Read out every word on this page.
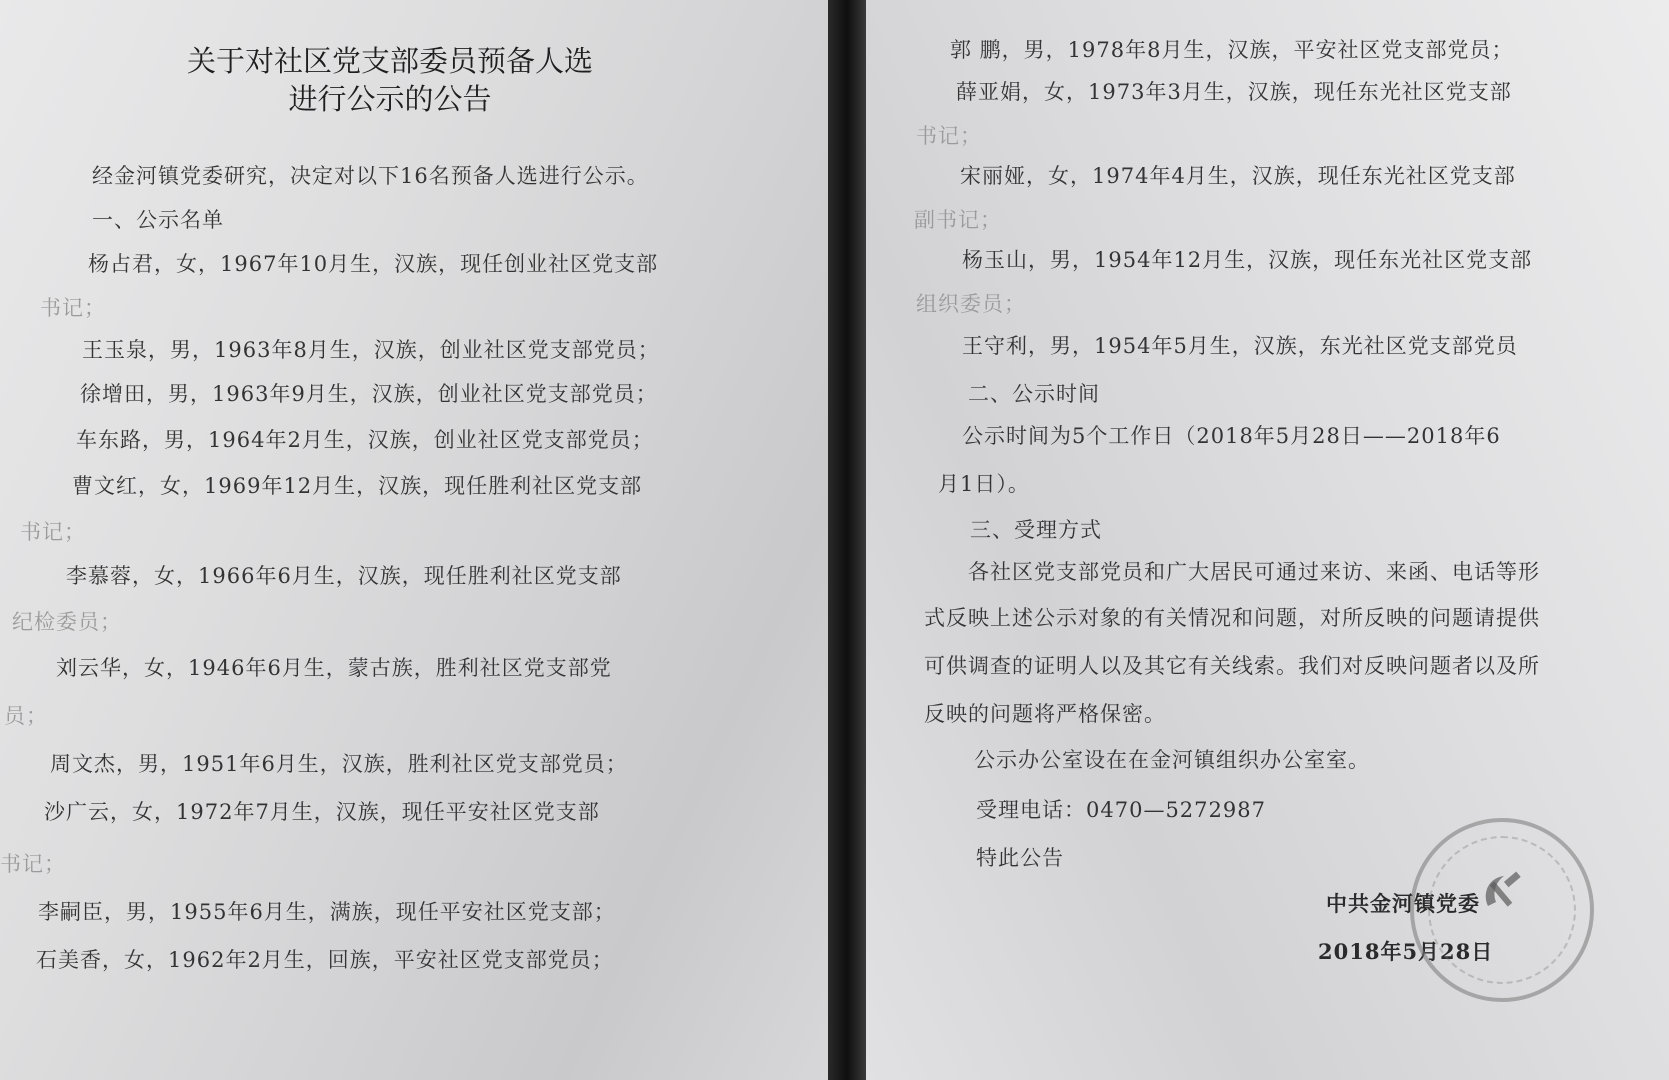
关于对社区党支部委员预备人选
进行公示的公告
经金河镇党委研究，决定对以下16名预备人选进行公示。
一、公示名单
杨占君，女，1967年10月生，汉族，现任创业社区党支部
书记；
王玉泉，男，1963年8月生，汉族，创业社区党支部党员；
徐增田，男，1963年9月生，汉族，创业社区党支部党员；
车东路，男，1964年2月生，汉族，创业社区党支部党员；
曹文红，女，1969年12月生，汉族，现任胜利社区党支部
书记；
李慕蓉，女，1966年6月生，汉族，现任胜利社区党支部
纪检委员；
刘云华，女，1946年6月生，蒙古族，胜利社区党支部党
员；
周文杰，男，1951年6月生，汉族，胜利社区党支部党员；
沙广云，女，1972年7月生，汉族，现任平安社区党支部
书记；
李嗣臣，男，1955年6月生，满族，现任平安社区党支部；
石美香，女，1962年2月生，回族，平安社区党支部党员；
郭 鹏，男，1978年8月生，汉族，平安社区党支部党员；
薛亚娟，女，1973年3月生，汉族，现任东光社区党支部
书记；
宋丽娅，女，1974年4月生，汉族，现任东光社区党支部
副书记；
杨玉山，男，1954年12月生，汉族，现任东光社区党支部
组织委员；
王守利，男，1954年5月生，汉族，东光社区党支部党员
二、公示时间
公示时间为5个工作日（2018年5月28日——2018年6
月1日）。
三、受理方式
各社区党支部党员和广大居民可通过来访、来函、电话等形
式反映上述公示对象的有关情况和问题，对所反映的问题请提供
可供调查的证明人以及其它有关线索。我们对反映问题者以及所
反映的问题将严格保密。
公示办公室设在在金河镇组织办公室室。
受理电话：0470—5272987
特此公告
中共金河镇党委
2018年5月28日
